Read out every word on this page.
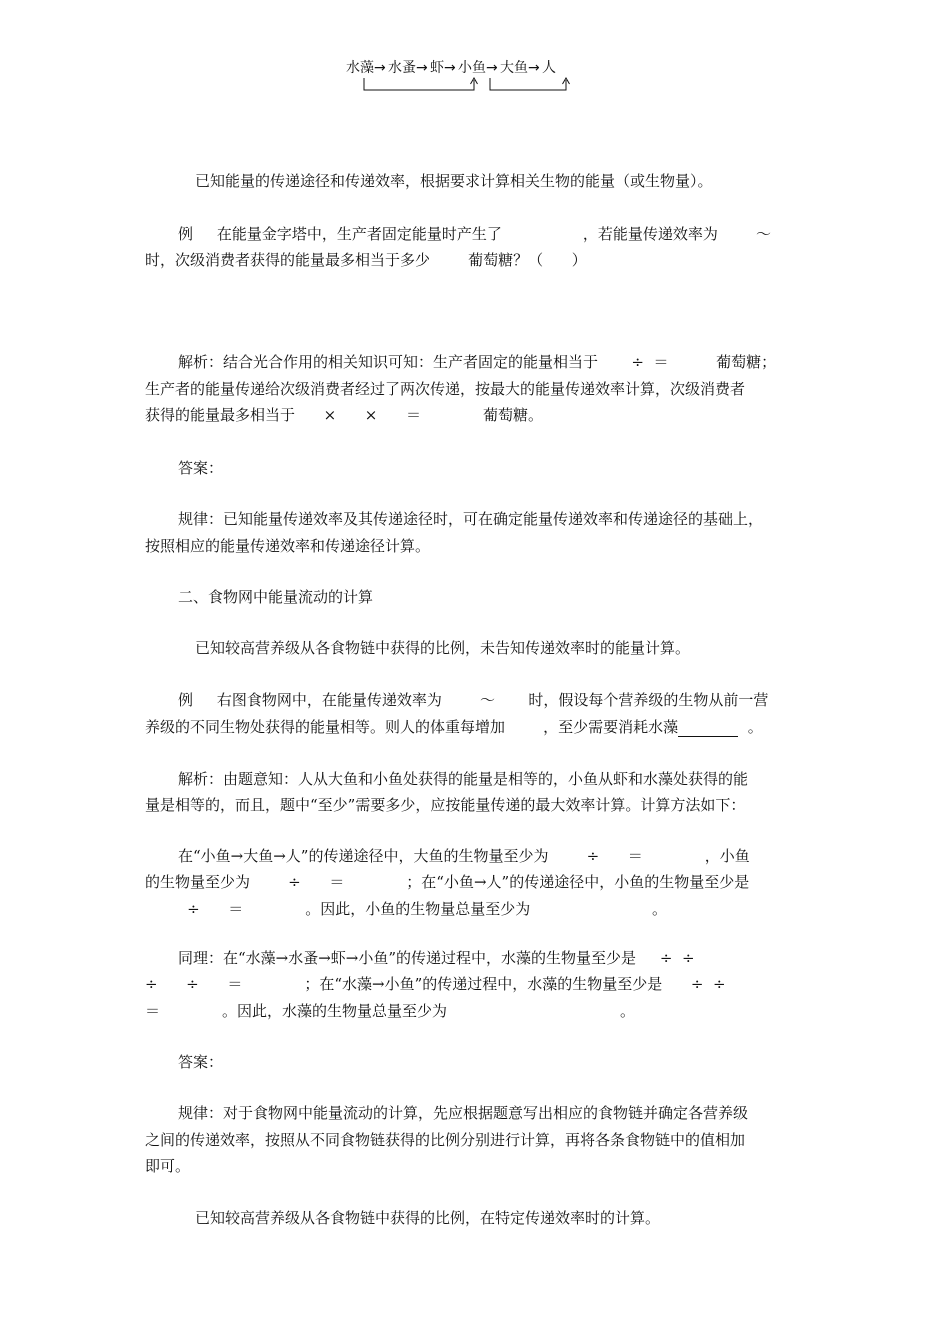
水藻 → 水蚤 → 虾 → 小鱼 → 大鱼 → 人

已知能量的传递途径和传递效率，根据要求计算相关生物的能量（或生物量）。

例     在能量金字塔中，生产者固定能量时产生了                 ，若能量传递效率为        ～

时，次级消费者获得的能量最多相当于多少        葡萄糖？（      ）

解析：结合光合作用的相关知识可知：生产者固定的能量相当于       ÷  ＝          葡萄糖；

生产者的能量传递给次级消费者经过了两次传递，按最大的能量传递效率计算，次级消费者

获得的能量最多相当于      ×      ×      ＝             葡萄糖。

答案：

规律：已知能量传递效率及其传递途径时，可在确定能量传递效率和传递途径的基础上，

按照相应的能量传递效率和传递途径计算。

二、食物网中能量流动的计算

已知较高营养级从各食物链中获得的比例，未告知传递效率时的能量计算。

例     右图食物网中，在能量传递效率为        ～       时，假设每个营养级的生物从前一营

养级的不同生物处获得的能量相等。则人的体重每增加        ，至少需要消耗水藻	。

解析：由题意知：人从大鱼和小鱼处获得的能量是相等的，小鱼从虾和水藻处获得的能

量是相等的，而且，题中“至少”需要多少，应按能量传递的最大效率计算。计算方法如下：

在“小鱼→大鱼→人”的传递途径中，大鱼的生物量至少为        ÷      ＝             ，小鱼

的生物量至少为        ÷      ＝             ；在“小鱼→人”的传递途径中，小鱼的生物量至少是

÷      ＝             。因此，小鱼的生物量总量至少为	。

同理：在“水藻→水蚤→虾→小鱼”的传递过程中，水藻的生物量至少是     ÷  ÷

÷      ÷      ＝             ；在“水藻→小鱼”的传递过程中，水藻的生物量至少是      ÷  ÷

＝             。因此，水藻的生物量总量至少为	。

答案：

规律：对于食物网中能量流动的计算，先应根据题意写出相应的食物链并确定各营养级

之间的传递效率，按照从不同食物链获得的比例分别进行计算，再将各条食物链中的值相加

即可。

已知较高营养级从各食物链中获得的比例，在特定传递效率时的计算。
